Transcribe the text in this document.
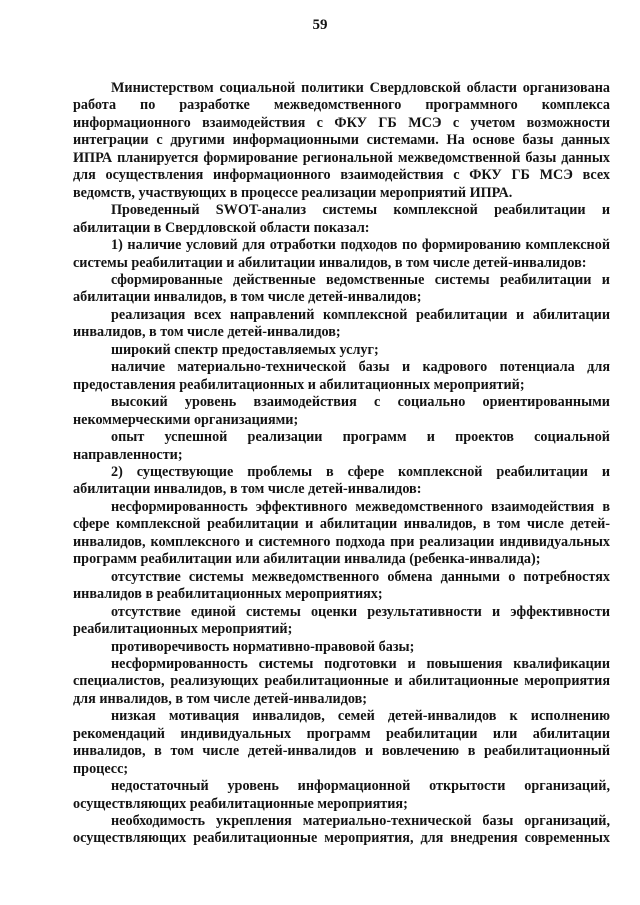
59

Министерством социальной политики Свердловской области организована работа по разработке межведомственного программного комплекса информационного взаимодействия с ФКУ ГБ МСЭ с учетом возможности интеграции с другими информационными системами. На основе базы данных ИПРА планируется формирование региональной межведомственной базы данных для осуществления информационного взаимодействия с ФКУ ГБ МСЭ всех ведомств, участвующих в процессе реализации мероприятий ИПРА.

Проведенный SWOT-анализ системы комплексной реабилитации и абилитации в Свердловской области показал:

1) наличие условий для отработки подходов по формированию комплексной системы реабилитации и абилитации инвалидов, в том числе детей-инвалидов:

сформированные действенные ведомственные системы реабилитации и абилитации инвалидов, в том числе детей-инвалидов;

реализация всех направлений комплексной реабилитации и абилитации инвалидов, в том числе детей-инвалидов;

широкий спектр предоставляемых услуг;

наличие материально-технической базы и кадрового потенциала для предоставления реабилитационных и абилитационных мероприятий;

высокий уровень взаимодействия с социально ориентированными некоммерческими организациями;

опыт успешной реализации программ и проектов социальной направленности;

2) существующие проблемы в сфере комплексной реабилитации и абилитации инвалидов, в том числе детей-инвалидов:

несформированность эффективного межведомственного взаимодействия в сфере комплексной реабилитации и абилитации инвалидов, в том числе детей-инвалидов, комплексного и системного подхода при реализации индивидуальных программ реабилитации или абилитации инвалида (ребенка-инвалида);

отсутствие системы межведомственного обмена данными о потребностях инвалидов в реабилитационных мероприятиях;

отсутствие единой системы оценки результативности и эффективности реабилитационных мероприятий;

противоречивость нормативно-правовой базы;

несформированность системы подготовки и повышения квалификации специалистов, реализующих реабилитационные и абилитационные мероприятия для инвалидов, в том числе детей-инвалидов;

низкая мотивация инвалидов, семей детей-инвалидов к исполнению рекомендаций индивидуальных программ реабилитации или абилитации инвалидов, в том числе детей-инвалидов и вовлечению в реабилитационный процесс;

недостаточный уровень информационной открытости организаций, осуществляющих реабилитационные мероприятия;

необходимость укрепления материально-технической базы организаций, осуществляющих реабилитационные мероприятия, для внедрения современных
